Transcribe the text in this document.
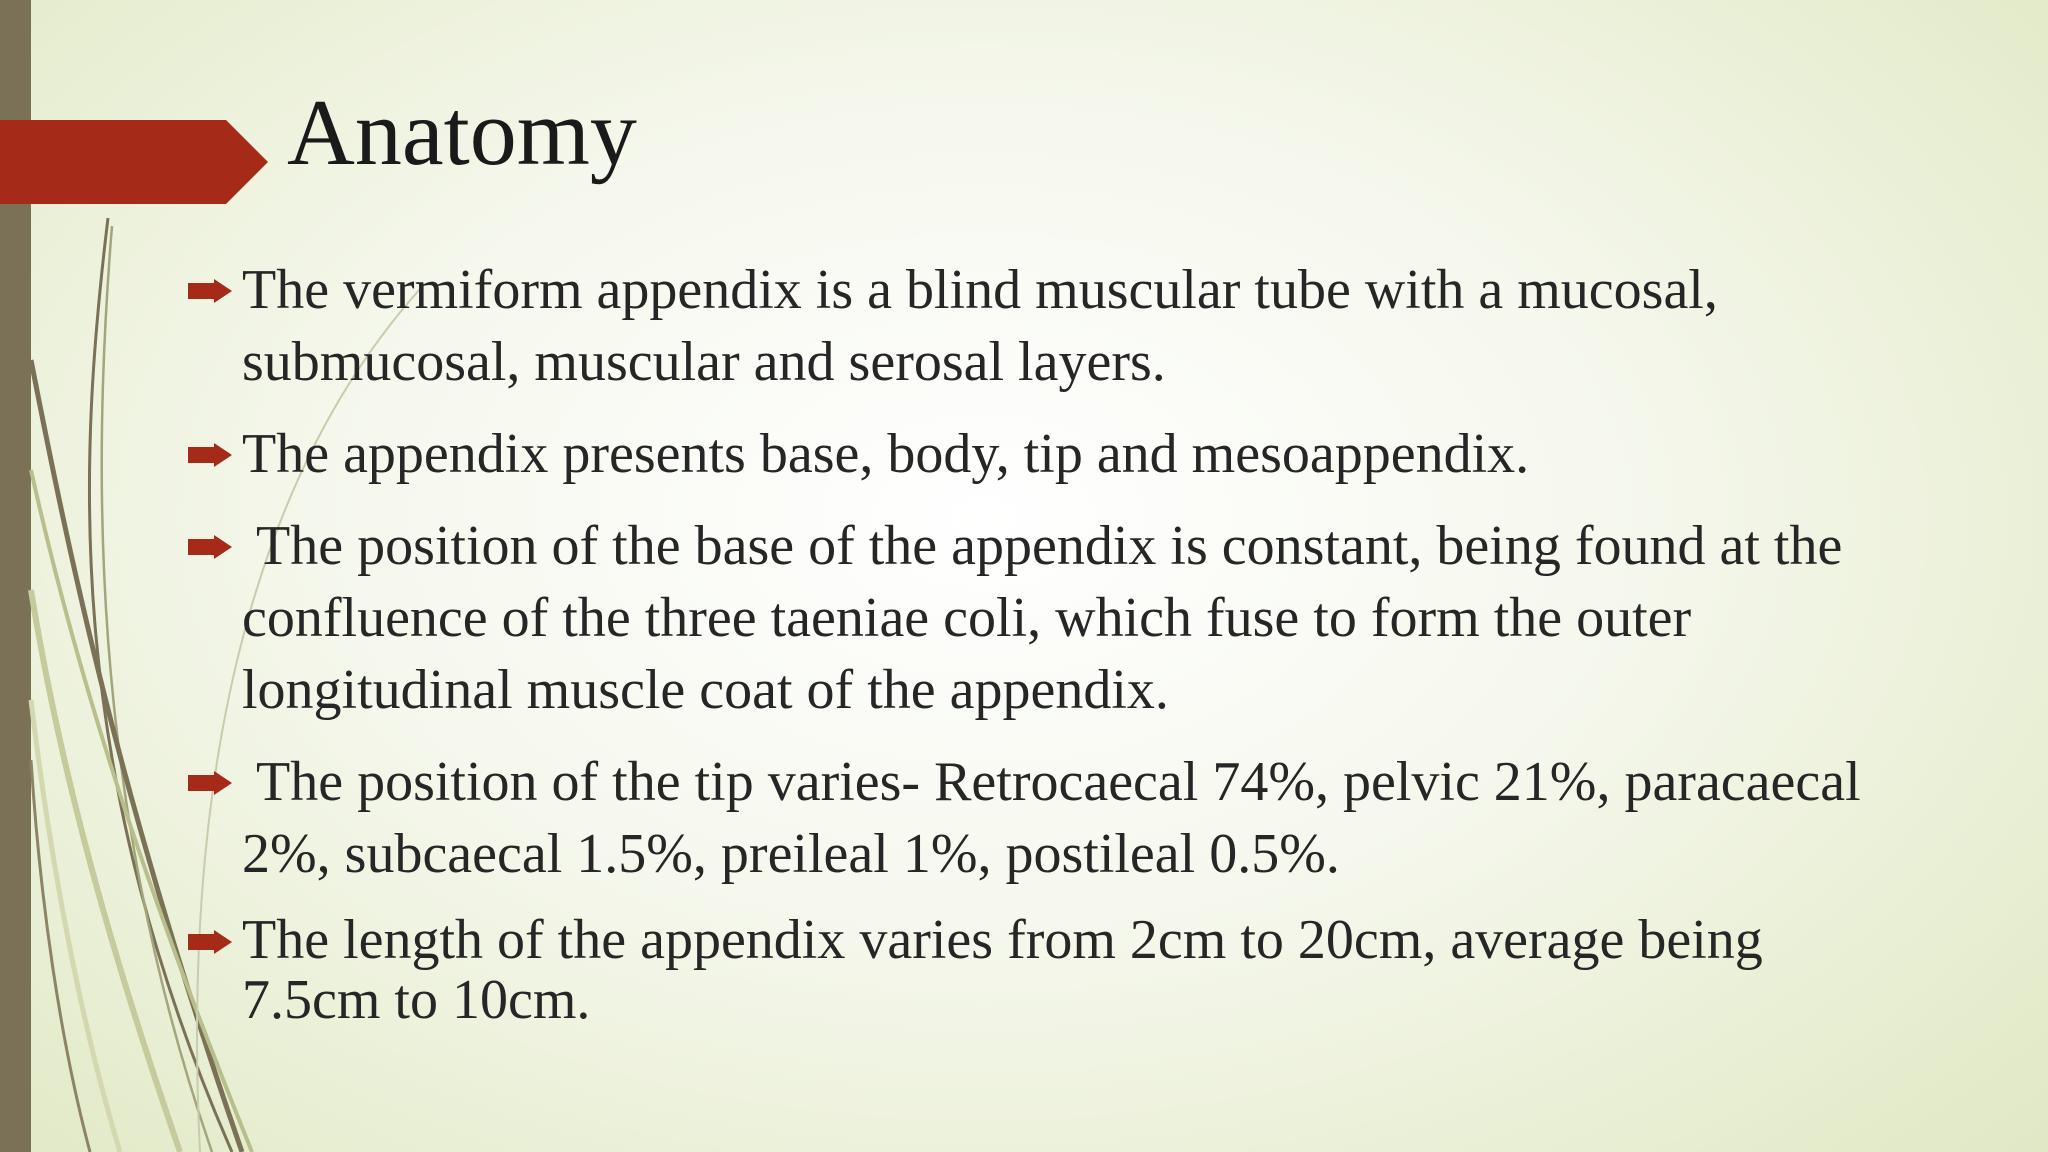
Anatomy
The vermiform appendix is a blind muscular tube with a mucosal, submucosal, muscular and serosal layers.
The appendix presents base, body, tip and mesoappendix.
The position of the base of the appendix is constant, being found at the confluence of the three taeniae coli, which fuse to form the outer longitudinal muscle coat of the appendix.
The position of the tip varies- Retrocaecal 74%, pelvic 21%, paracaecal 2%, subcaecal 1.5%, preileal 1%, postileal 0.5%.
The length of the appendix varies from 2cm to 20cm, average being 7.5cm to 10cm.
